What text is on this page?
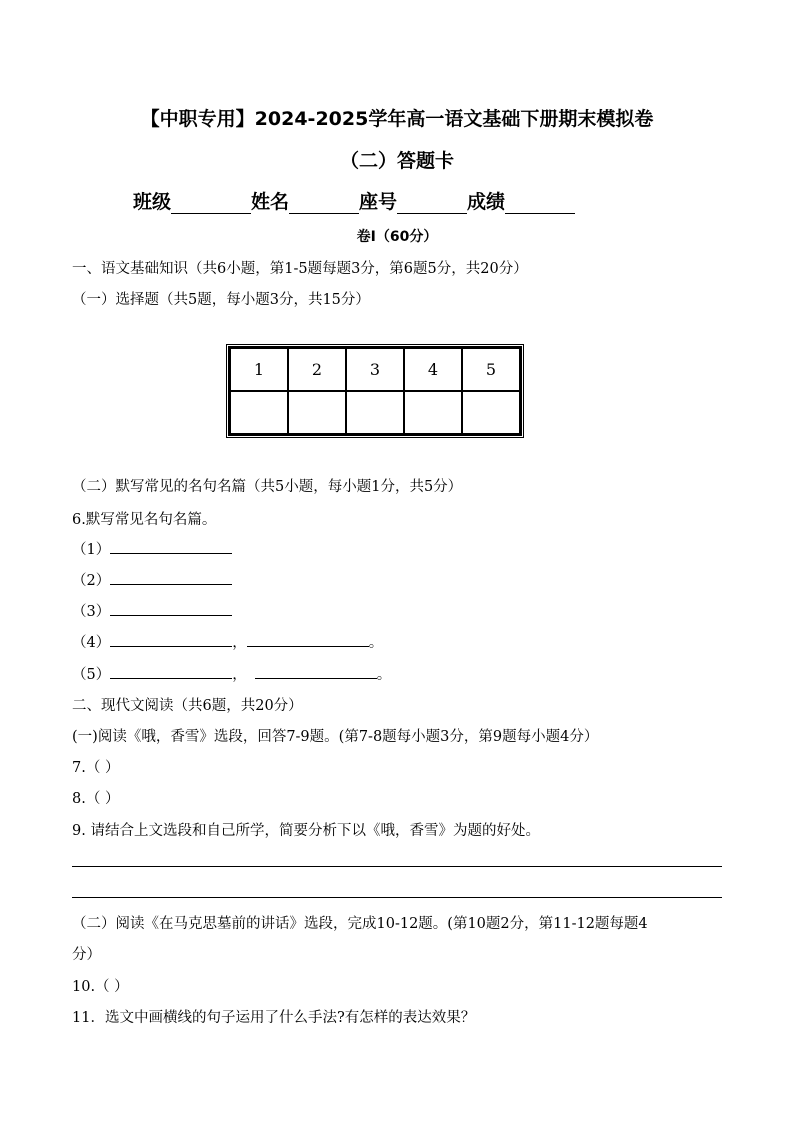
【中职专用】2024-2025学年高一语文基础下册期末模拟卷
（二）答题卡
班级	姓名	座号	成绩
卷Ⅰ（60分）
一、语文基础知识（共6小题，第1-5题每题3分，第6题5分，共20分）
（一）选择题（共5题，每小题3分，共15分）
1	2	3	4	5

（二）默写常见的名句名篇（共5小题，每小题1分，共5分）
6.默写常见名句名篇。
（1）
（2）
（3）
（4）	，	。
（5）	，	。
二、现代文阅读（共6题，共20分）
(一)阅读《哦，香雪》选段，回答7-9题。(第7-8题每小题3分，第9题每小题4分）
7.（ ）
8.（ ）
9. 请结合上文选段和自己所学，简要分析下以《哦，香雪》为题的好处。
（二）阅读《在马克思墓前的讲话》选段，完成10-12题。(第10题2分，第11-12题每题4
分）
10.（ ）
11．选文中画横线的句子运用了什么手法?有怎样的表达效果？
